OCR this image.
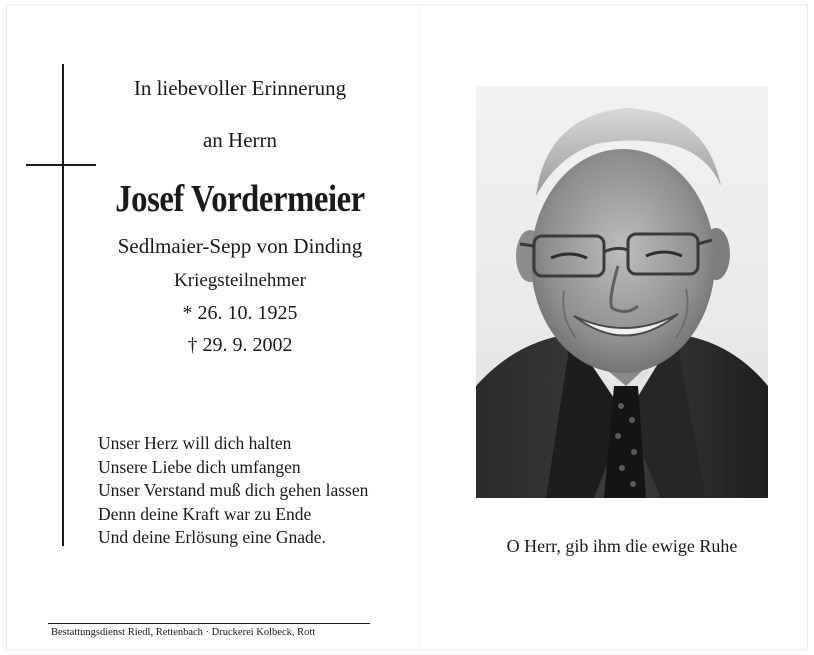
In liebevoller Erinnerung
an Herrn
Josef Vordermeier
Sedlmaier-Sepp von Dinding
Kriegsteilnehmer
* 26. 10. 1925
† 29. 9. 2002
Unser Herz will dich halten
Unsere Liebe dich umfangen
Unser Verstand muß dich gehen lassen
Denn deine Kraft war zu Ende
Und deine Erlösung eine Gnade.
Bestattungsdienst Riedl, Rettenbach · Druckerei Kolbeck, Rott
O Herr, gib ihm die ewige Ruhe
